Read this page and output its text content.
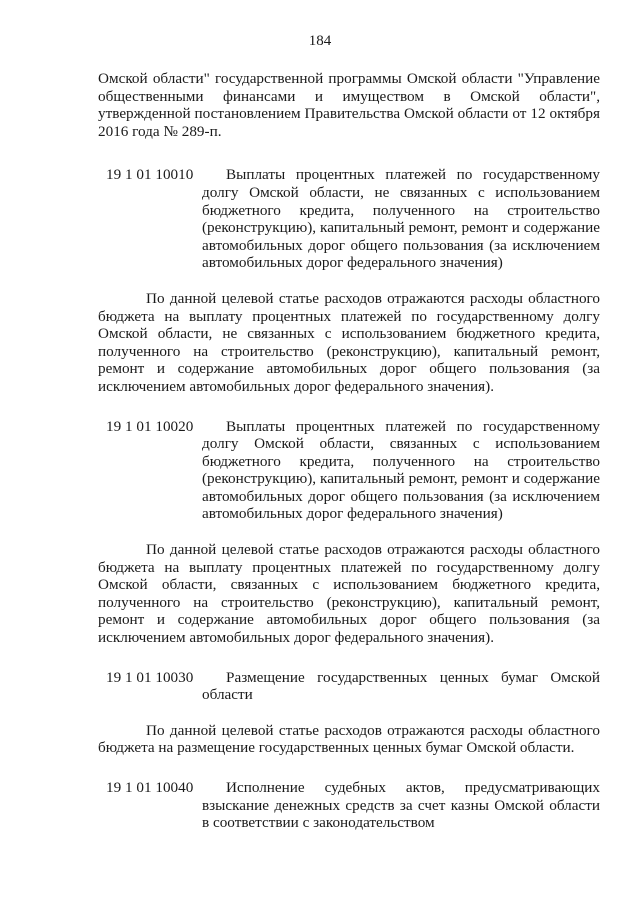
184

Омской области" государственной программы Омской области "Управление общественными финансами и имуществом в Омской области", утвержденной постановлением Правительства Омской области от 12 октября 2016 года № 289-п.

19 1 01 10010	Выплаты процентных платежей по государственному долгу Омской области, не связанных с использованием бюджетного кредита, полученного на строительство (реконструкцию), капитальный ремонт, ремонт и содержание автомобильных дорог общего пользования (за исключением автомобильных дорог федерального значения)

По данной целевой статье расходов отражаются расходы областного бюджета на выплату процентных платежей по государственному долгу Омской области, не связанных с использованием бюджетного кредита, полученного на строительство (реконструкцию), капитальный ремонт, ремонт и содержание автомобильных дорог общего пользования (за исключением автомобильных дорог федерального значения).

19 1 01 10020	Выплаты процентных платежей по государственному долгу Омской области, связанных с использованием бюджетного кредита, полученного на строительство (реконструкцию), капитальный ремонт, ремонт и содержание автомобильных дорог общего пользования (за исключением автомобильных дорог федерального значения)

По данной целевой статье расходов отражаются расходы областного бюджета на выплату процентных платежей по государственному долгу Омской области, связанных с использованием бюджетного кредита, полученного на строительство (реконструкцию), капитальный ремонт, ремонт и содержание автомобильных дорог общего пользования (за исключением автомобильных дорог федерального значения).

19 1 01 10030	Размещение государственных ценных бумаг Омской области

По данной целевой статье расходов отражаются расходы областного бюджета на размещение государственных ценных бумаг Омской области.

19 1 01 10040	Исполнение судебных актов, предусматривающих взыскание денежных средств за счет казны Омской области в соответствии с законодательством
